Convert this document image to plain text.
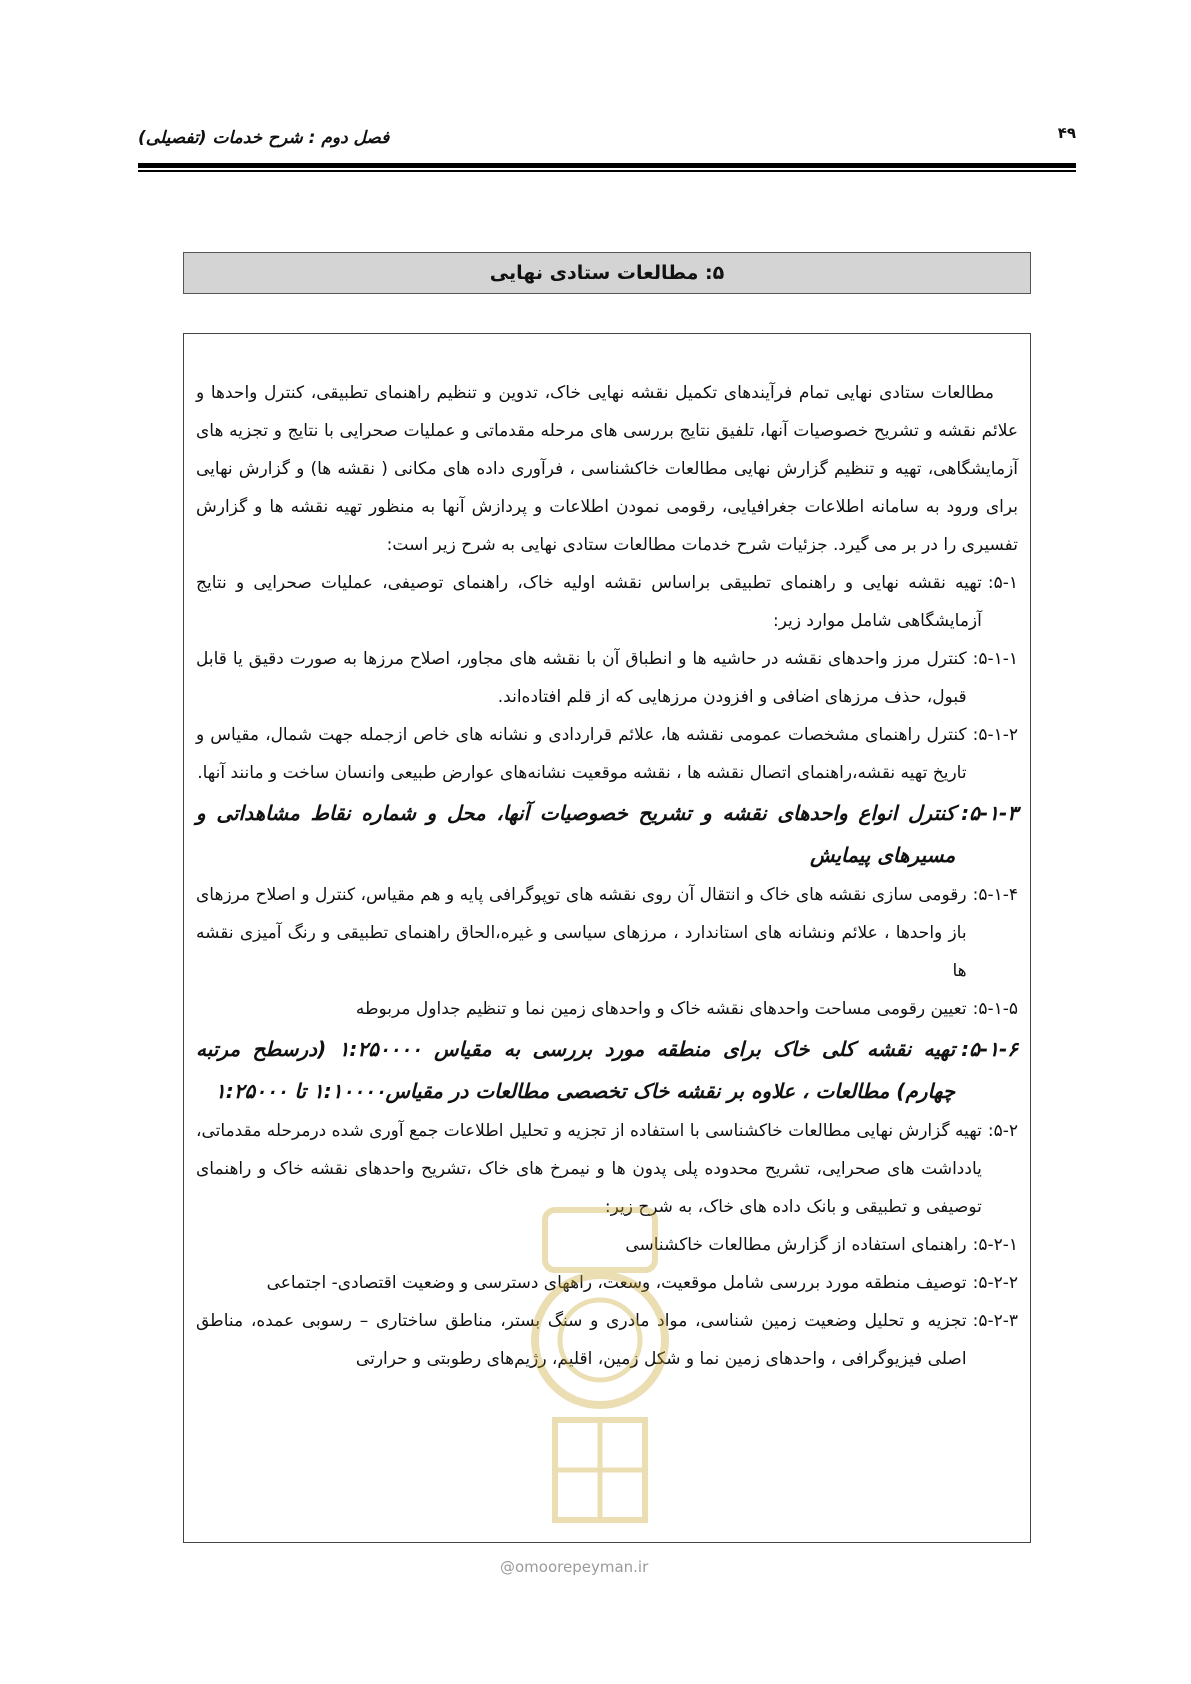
۴۹
فصل دوم : شرح خدمات (تفصیلی)
۵: مطالعات ستادی نهایی

مطالعات ستادی نهایی تمام فرآیندهای تکمیل نقشه نهایی خاک، تدوین و تنظیم راهنمای تطبیقی، کنترل واحدها و علائم نقشه و تشریح خصوصیات آنها، تلفیق نتایج بررسی های مرحله مقدماتی و عملیات صحرایی با نتایج و تجزیه های آزمایشگاهی، تهیه و تنظیم گزارش نهایی مطالعات خاکشناسی ، فرآوری داده های مکانی ( نقشه ها) و گزارش نهایی برای ورود به سامانه اطلاعات جغرافیایی، رقومی نمودن اطلاعات و پردازش آنها به منظور تهیه نقشه ها و گزارش تفسیری را در بر می گیرد. جزئیات شرح خدمات مطالعات ستادی نهایی به شرح زیر است:

۵-۱:
تهیه نقشه نهایی و راهنمای تطبیقی براساس نقشه اولیه خاک، راهنمای توصیفی، عملیات صحرایی و نتایج آزمایشگاهی شامل موارد زیر:
۵-۱-۱:
کنترل مرز واحدهای نقشه در حاشیه ها و انطباق آن با نقشه های مجاور، اصلاح مرزها به صورت دقیق یا قابل قبول، حذف مرزهای اضافی و افزودن مرزهایی که از قلم افتاده‌اند.
۵-۱-۲:
کنترل راهنمای مشخصات عمومی نقشه ها، علائم قراردادی و نشانه های خاص ازجمله جهت شمال، مقیاس و تاریخ تهیه نقشه،راهنمای اتصال نقشه ها ، نقشه موقعیت نشانه‌های عوارض طبیعی وانسان ساخت و مانند آنها.
۵-۱-۳:
کنترل انواع واحدهای نقشه و تشریح خصوصیات آنها، محل و شماره نقاط مشاهداتی و مسیرهای پیمایش
۵-۱-۴:
رقومی سازی نقشه های خاک و انتقال آن روی نقشه های توپوگرافی پایه و هم مقیاس، کنترل و اصلاح مرزهای باز واحدها ، علائم ونشانه های استاندارد ، مرزهای سیاسی و غیره،الحاق راهنمای تطبیقی و رنگ آمیزی نقشه ها
۵-۱-۵:
تعیین رقومی مساحت واحدهای نقشه خاک و واحدهای زمین نما و تنظیم جداول مربوطه
۵-۱-۶:
تهیه نقشه کلی خاک برای منطقه مورد بررسی به مقیاس ۱:۲۵۰۰۰۰ (درسطح مرتبه چهارم) مطالعات ، علاوه بر نقشه خاک تخصصی مطالعات در مقیاس۱:۱۰۰۰۰ تا ۱:۲۵۰۰۰
۵-۲:
تهیه گزارش نهایی مطالعات خاکشناسی با استفاده از تجزیه و تحلیل اطلاعات جمع آوری شده درمرحله مقدماتی، یادداشت های صحرایی، تشریح محدوده پلی پدون ها و نیمرخ های خاک ،تشریح واحدهای نقشه خاک و راهنمای توصیفی و تطبیقی و بانک داده های خاک، به شرح زیر:
۵-۲-۱:
راهنمای استفاده از گزارش مطالعات خاکشناسی
۵-۲-۲:
توصیف منطقه مورد بررسی شامل موقعیت، وسعت، راههای دسترسی و وضعیت اقتصادی- اجتماعی
۵-۲-۳:
تجزیه و تحلیل وضعیت زمین شناسی، مواد مادری و سنگ بستر، مناطق ساختاری – رسوبی عمده، مناطق اصلی فیزیوگرافی ، واحدهای زمین نما و شکل زمین، اقلیم، رژیم‌های رطوبتی و حرارتی
@omoorepeyman.ir
